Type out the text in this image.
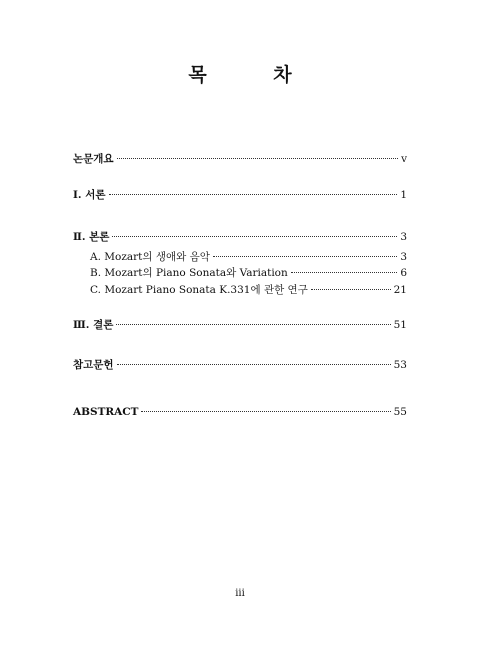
목 차
논문개요	v
Ⅰ. 서론	1
Ⅱ. 본론	3
A. Mozart의 생애와 음악	3
B. Mozart의 Piano Sonata와 Variation	6
C. Mozart Piano Sonata K.331에 관한 연구	21
Ⅲ. 결론	51
참고문헌	53
ABSTRACT	55
iii
